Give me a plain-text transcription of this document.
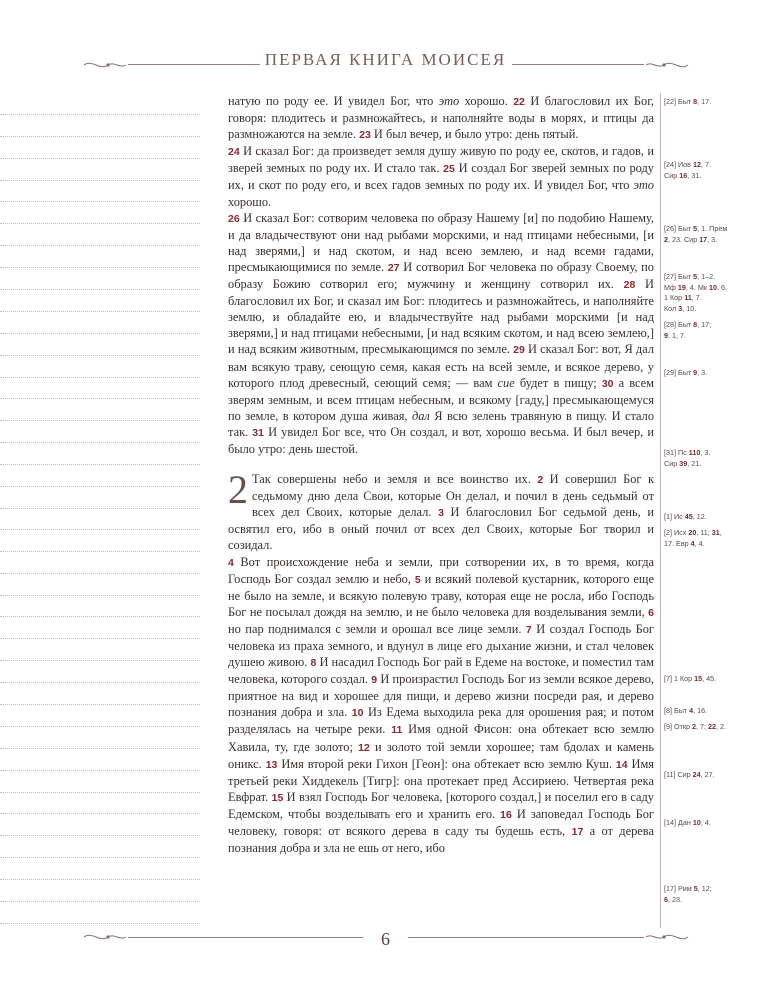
ПЕРВАЯ КНИГА МОИСЕЯ

натую по роду ее. И увидел Бог, что это хорошо. 22 И благословил их Бог, говоря: плодитесь и размножайтесь, и наполняйте воды в морях, и птицы да размножаются на земле. 23 И был вечер, и было утро: день пятый.

24 И сказал Бог: да произведет земля душу живую по роду ее, скотов, и гадов, и зверей земных по роду их. И стало так. 25 И создал Бог зверей земных по роду их, и скот по роду его, и всех гадов земных по роду их. И увидел Бог, что это хорошо.

26 И сказал Бог: сотворим человека по образу Нашему [и] по подобию Нашему, и да владычествуют они над рыбами морскими, и над птицами небесными, [и над зверями,] и над скотом, и над всею землею, и над всеми гадами, пресмыкающимися по земле. 27 И сотворил Бог человека по образу Своему, по образу Божию сотворил его; мужчину и женщину сотворил их. 28 И благословил их Бог, и сказал им Бог: плодитесь и размножайтесь, и наполняйте землю, и обладайте ею, и владычествуйте над рыбами морскими [и над зверями,] и над птицами небесными, [и над всяким скотом, и над всею землею,] и над всяким животным, пресмыкающимся по земле. 29 И сказал Бог: вот, Я дал вам всякую траву, сеющую семя, какая есть на всей земле, и всякое дерево, у которого плод древесный, сеющий семя; — вам сие будет в пищу; 30 а всем зверям земным, и всем птицам небесным, и всякому [гаду,] пресмыкающемуся по земле, в котором душа живая, дал Я всю зелень травяную в пищу. И стало так. 31 И увидел Бог все, что Он создал, и вот, хорошо весьма. И был вечер, и было утро: день шестой.

2 Так совершены небо и земля и все воинство их. 2 И совершил Бог к седьмому дню дела Свои, которые Он делал, и почил в день седьмый от всех дел Своих, которые делал. 3 И благословил Бог седьмой день, и освятил его, ибо в оный почил от всех дел Своих, которые Бог творил и созидал.

4 Вот происхождение неба и земли, при сотворении их, в то время, когда Господь Бог создал землю и небо, 5 и всякий полевой кустарник, которого еще не было на земле, и всякую полевую траву, которая еще не росла, ибо Господь Бог не посылал дождя на землю, и не было человека для возделывания земли, 6 но пар поднимался с земли и орошал все лице земли. 7 И создал Господь Бог человека из праха земного, и вдунул в лице его дыхание жизни, и стал человек душею живою. 8 И насадил Господь Бог рай в Едеме на востоке, и поместил там человека, которого создал. 9 И произрастил Господь Бог из земли всякое дерево, приятное на вид и хорошее для пищи, и дерево жизни посреди рая, и дерево познания добра и зла. 10 Из Едема выходила река для орошения рая; и потом разделялась на четыре реки. 11 Имя одной Фисон: она обтекает всю землю Хавила, ту, где золото; 12 и золото той земли хорошее; там бдолах и камень оникс. 13 Имя второй реки Гихон [Геон]: она обтекает всю землю Куш. 14 Имя третьей реки Хиддекель [Тигр]: она протекает пред Ассириею. Четвертая река Евфрат. 15 И взял Господь Бог человека, [которого создал,] и поселил его в саду Едемском, чтобы возделывать его и хранить его. 16 И заповедал Господь Бог человеку, говоря: от всякого дерева в саду ты будешь есть, 17 а от дерева познания добра и зла не ешь от него, ибо

[22] Быт 8, 17.
[24] Иов 12, 7.
Сир 16, 31.
[26] Быт 5, 1. Прем
2, 23. Сир 17, 3.
[27] Быт 5, 1–2.
Мф 19, 4. Мк 10, 6.
1 Кор 11, 7.
Кол 3, 10.
[28] Быт 8, 17;
9, 1, 7.
[29] Быт 9, 3.
[31] Пс 110, 3.
Сир 39, 21.
[1] Ис 45, 12.
[2] Исх 20, 11; 31,
17. Евр 4, 4.
[7] 1 Кор 15, 45.
[8] Быт 4, 16.
[9] Откр 2, 7; 22, 2.
[11] Сир 24, 27.
[14] Дан 10, 4.
[17] Рим 5, 12;
6, 23.
6
